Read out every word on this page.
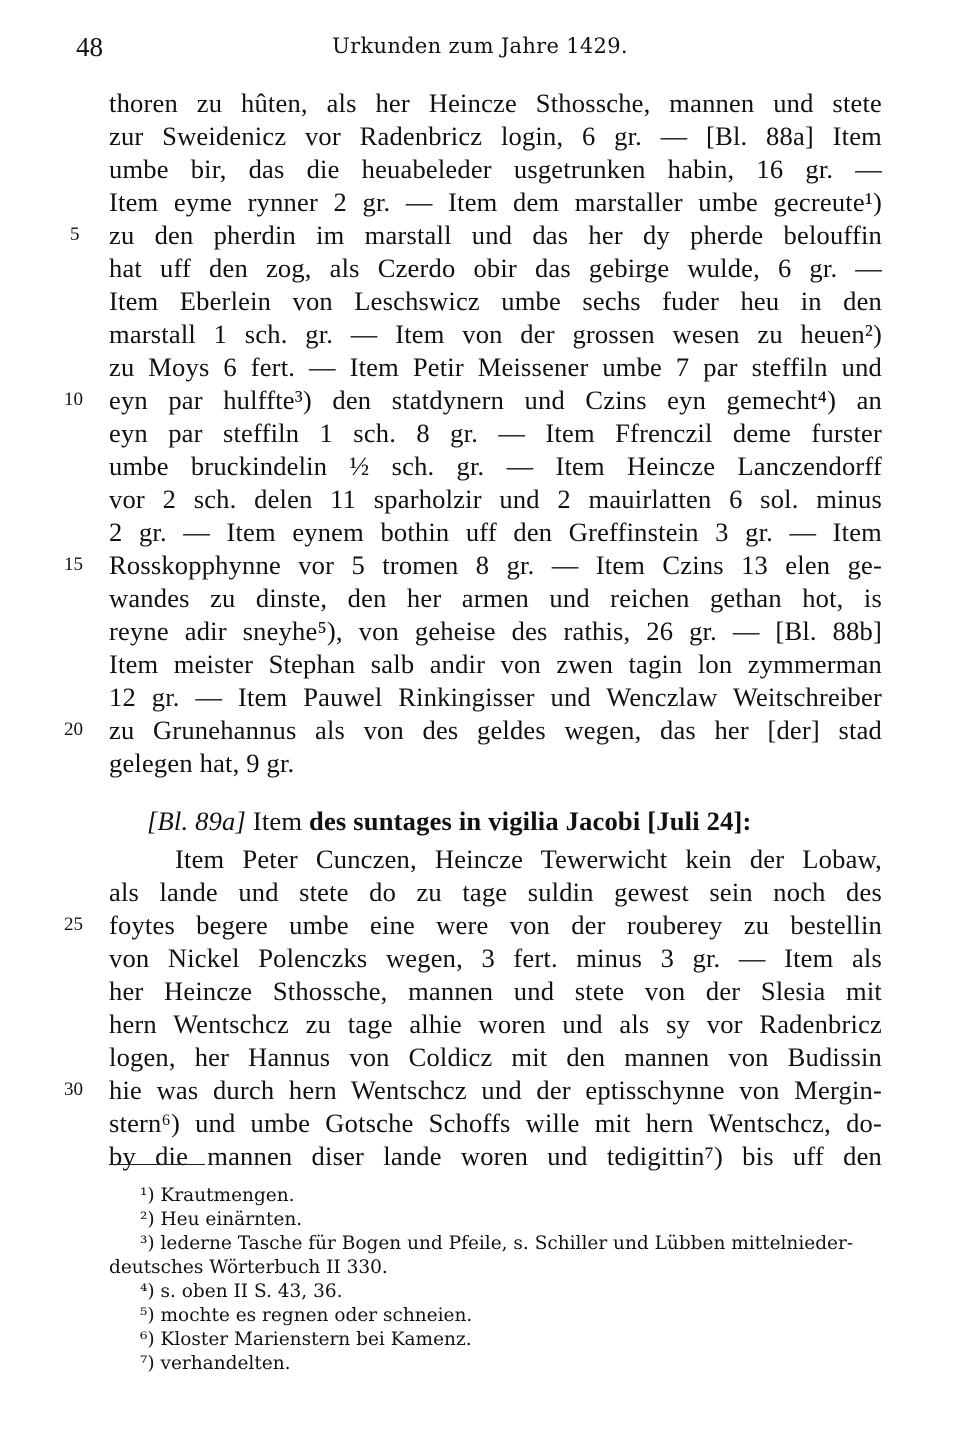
48	Urkunden zum Jahre 1429.
thoren zu hûten, als her Heincze Sthossche, mannen und stete
zur Sweidenicz vor Radenbricz login, 6 gr. — [Bl. 88a] Item
umbe bir, das die heuabeleder usgetrunken habin, 16 gr. —
Item eyme rynner 2 gr. — Item dem marstaller umbe gecreute¹)
zu den pherdin im marstall und das her dy pherde belouffin
hat uff den zog, als Czerdo obir das gebirge wulde, 6 gr. —
Item Eberlein von Leschswicz umbe sechs fuder heu in den
marstall 1 sch. gr. — Item von der grossen wesen zu heuen²)
zu Moys 6 fert. — Item Petir Meissener umbe 7 par steffiln und
eyn par hulffte³) den statdynern und Czins eyn gemecht⁴) an
eyn par steffiln 1 sch. 8 gr. — Item Ffrenczil deme furster
umbe bruckindelin ½ sch. gr. — Item Heincze Lanczendorff
vor 2 sch. delen 11 sparholzir und 2 mauirlatten 6 sol. minus
2 gr. — Item eynem bothin uff den Greffinstein 3 gr. — Item
Rosskopphynne vor 5 tromen 8 gr. — Item Czins 13 elen ge-
wandes zu dinste, den her armen und reichen gethan hot, is
reyne adir sneyhe⁵), von geheise des rathis, 26 gr. — [Bl. 88b]
Item meister Stephan salb andir von zwen tagin lon zymmerman
12 gr. — Item Pauwel Rinkingisser und Wenczlaw Weitschreiber
zu Grunehannus als von des geldes wegen, das her [der] stad
gelegen hat, 9 gr.
[Bl. 89a] Item des suntages in vigilia Jacobi [Juli 24]:
Item Peter Cunczen, Heincze Tewerwicht kein der Lobaw,
als lande und stete do zu tage suldin gewest sein noch des
foytes begere umbe eine were von der rouberey zu bestellin
von Nickel Polenczks wegen, 3 fert. minus 3 gr. — Item als
her Heincze Sthossche, mannen und stete von der Slesia mit
hern Wentschcz zu tage alhie woren und als sy vor Radenbricz
logen, her Hannus von Coldicz mit den mannen von Budissin
hie was durch hern Wentschcz und der eptisschynne von Mergin-
stern⁶) und umbe Gotsche Schoffs wille mit hern Wentschcz, do-
by die mannen diser lande woren und tedigittin⁷) bis uff den
5
10
15
20
25
30
¹) Krautmengen.
²) Heu einärnten.
³) lederne Tasche für Bogen und Pfeile, s. Schiller und Lübben mittelnieder-
deutsches Wörterbuch II 330.
⁴) s. oben II S. 43, 36.
⁵) mochte es regnen oder schneien.
⁶) Kloster Marienstern bei Kamenz.
⁷) verhandelten.
